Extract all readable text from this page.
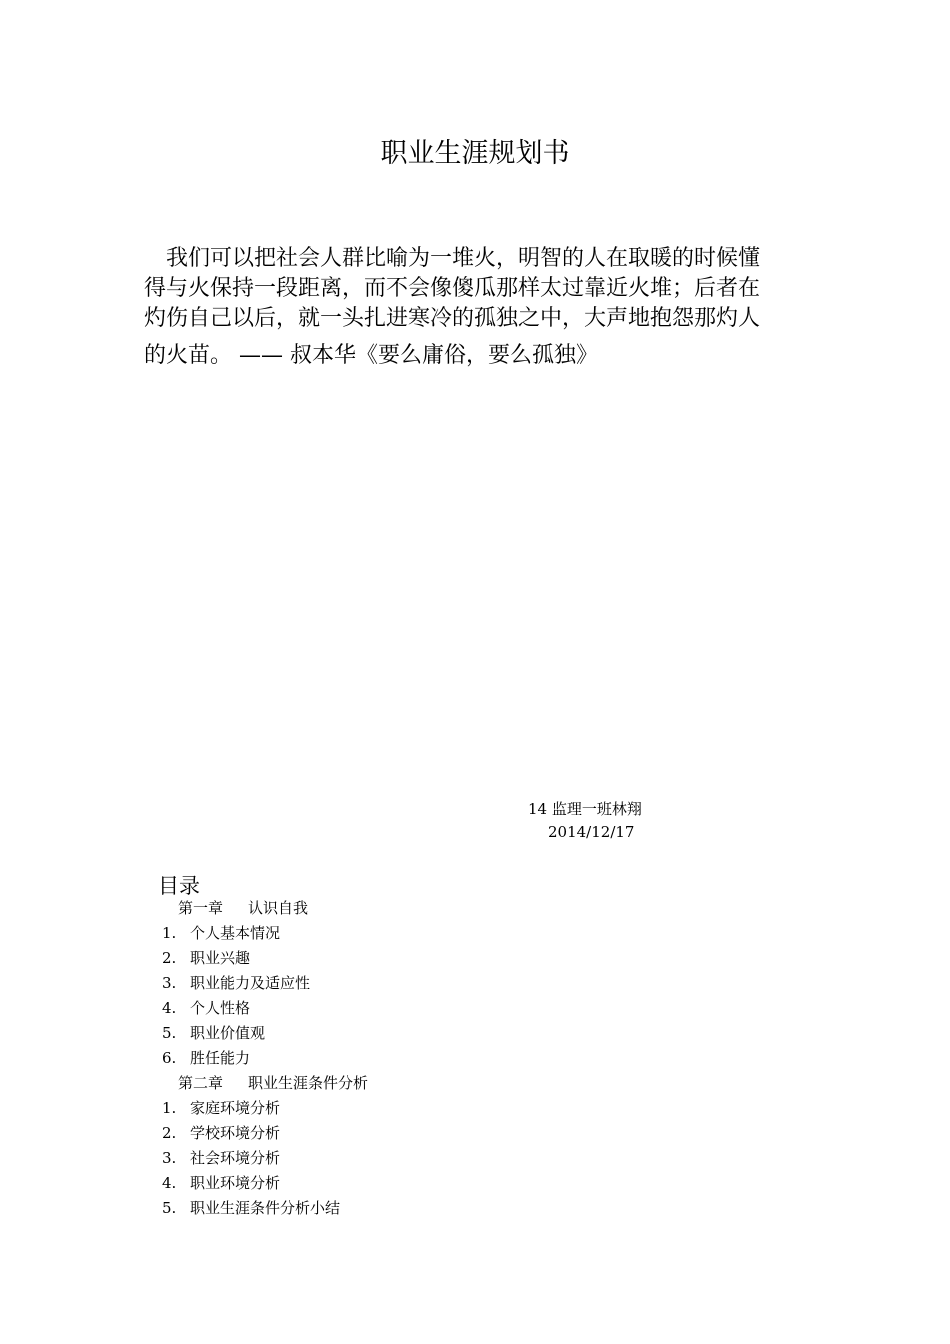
职业生涯规划书
　我们可以把社会人群比喻为一堆火，明智的人在取暖的时候懂
得与火保持一段距离，而不会像傻瓜那样太过靠近火堆；后者在
灼伤自己以后，就一头扎进寒冷的孤独之中，大声地抱怨那灼人
的火苗。 —— 叔本华《要么庸俗，要么孤独》
14 监理一班林翔
2014/12/17
目录
第一章 认识自我
1. 个人基本情况
2. 职业兴趣
3. 职业能力及适应性
4. 个人性格
5. 职业价值观
6. 胜任能力
第二章 职业生涯条件分析
1. 家庭环境分析
2. 学校环境分析
3. 社会环境分析
4. 职业环境分析
5. 职业生涯条件分析小结
